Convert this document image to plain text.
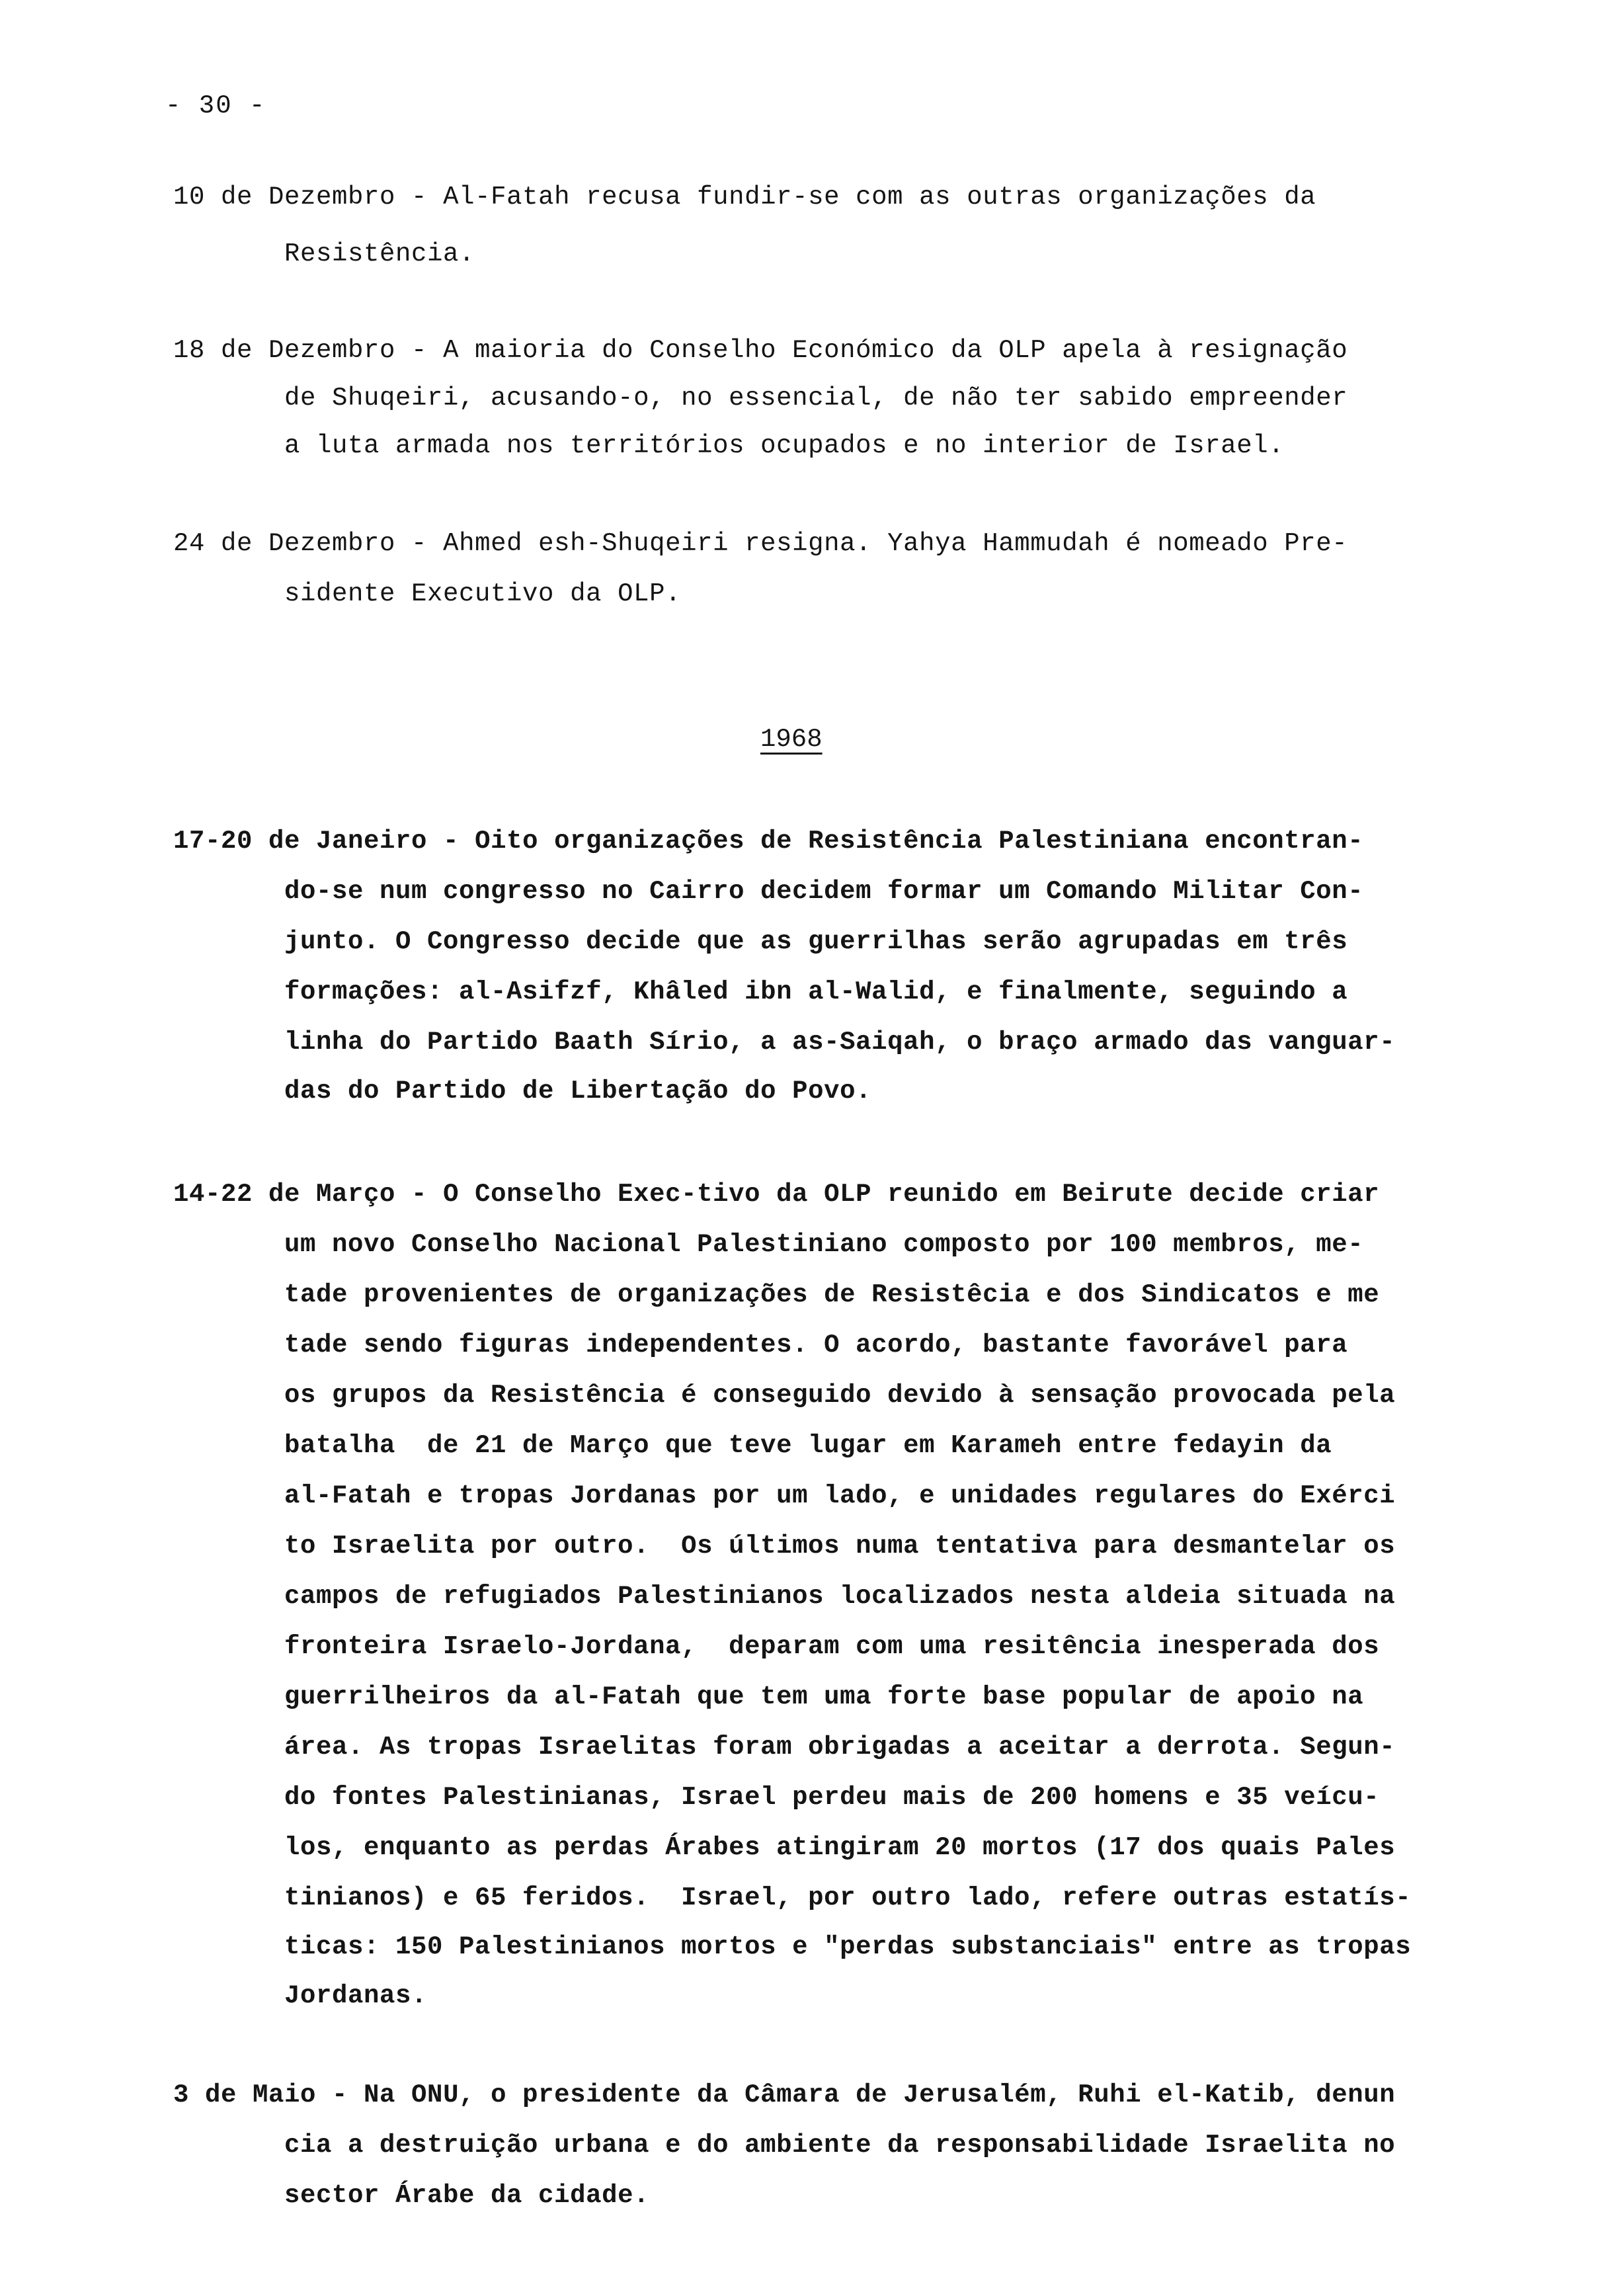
- 30 -
10 de Dezembro - Al-Fatah recusa fundir-se com as outras organizações da
Resistência.
18 de Dezembro - A maioria do Conselho Económico da OLP apela à resignação
de Shuqeiri, acusando-o, no essencial, de não ter sabido empreender
a luta armada nos territórios ocupados e no interior de Israel.
24 de Dezembro - Ahmed esh-Shuqeiri resigna. Yahya Hammudah é nomeado Pre-
sidente Executivo da OLP.
1968
17-20 de Janeiro - Oito organizações de Resistência Palestiniana encontran-
do-se num congresso no Cairro decidem formar um Comando Militar Con-
junto. O Congresso decide que as guerrilhas serão agrupadas em três
formações: al-Asifzf, Khâled ibn al-Walid, e finalmente, seguindo a
linha do Partido Baath Sírio, a as-Saiqah, o braço armado das vanguar-
das do Partido de Libertação do Povo.
14-22 de Março - O Conselho Exec-tivo da OLP reunido em Beirute decide criar
um novo Conselho Nacional Palestiniano composto por 100 membros, me-
tade provenientes de organizações de Resistêcia e dos Sindicatos e me
tade sendo figuras independentes. O acordo, bastante favorável para
os grupos da Resistência é conseguido devido à sensação provocada pela
batalha  de 21 de Março que teve lugar em Karameh entre fedayin da
al-Fatah e tropas Jordanas por um lado, e unidades regulares do Exérci
to Israelita por outro.  Os últimos numa tentativa para desmantelar os
campos de refugiados Palestinianos localizados nesta aldeia situada na
fronteira Israelo-Jordana,  deparam com uma resitência inesperada dos
guerrilheiros da al-Fatah que tem uma forte base popular de apoio na
área. As tropas Israelitas foram obrigadas a aceitar a derrota. Segun-
do fontes Palestinianas, Israel perdeu mais de 200 homens e 35 veícu-
los, enquanto as perdas Árabes atingiram 20 mortos (17 dos quais Pales
tinianos) e 65 feridos.  Israel, por outro lado, refere outras estatís-
ticas: 150 Palestinianos mortos e "perdas substanciais" entre as tropas
Jordanas.
3 de Maio - Na ONU, o presidente da Câmara de Jerusalém, Ruhi el-Katib, denun
cia a destruição urbana e do ambiente da responsabilidade Israelita no
sector Árabe da cidade.
